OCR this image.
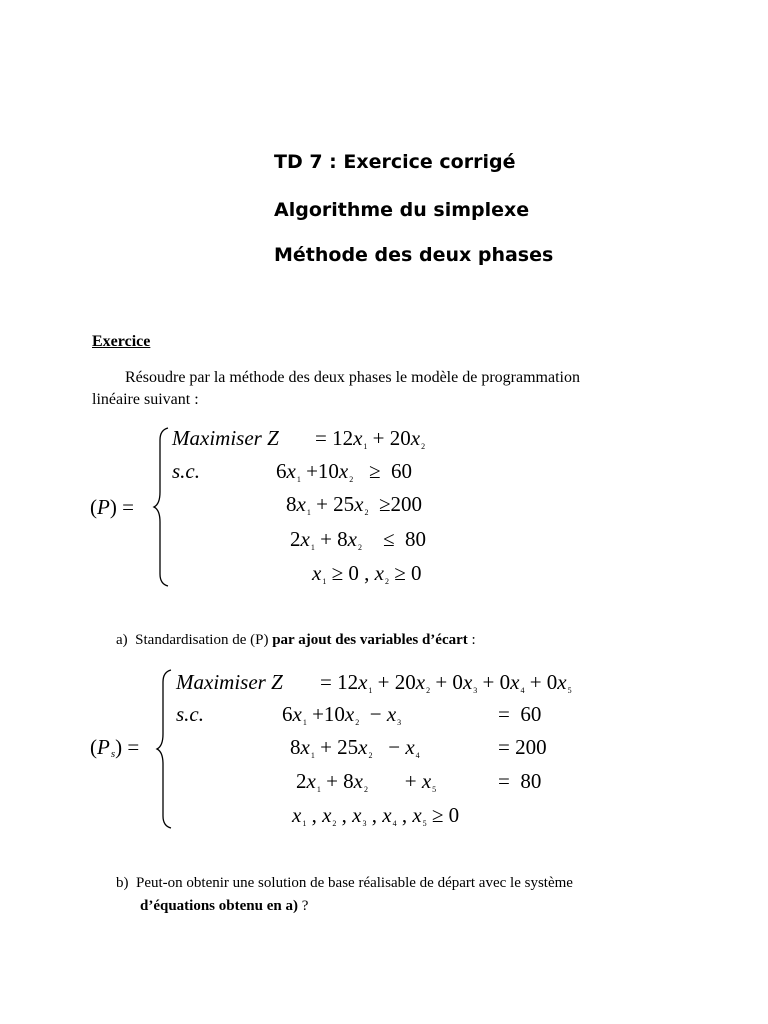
TD 7 : Exercice corrigé
Algorithme du simplexe
Méthode des deux phases
Exercice
Résoudre par la méthode des deux phases le modèle de programmation
linéaire suivant :
(P) =
Maximiser $Z = 12x_1 + 20x_2$
s.c.	$6x_1 +10x_2 \ge 60$
$8x_1 + 25x_2 \ge 200$
$2x_1 + 8x_2$    ≤  80
$x_1 \ge 0$ , $x_2 \ge 0$
a) Standardisation de (P) par ajout des variables d’écart :
$(P_s)$ =
Maximiser $Z = 12x_1 + 20x_2 + 0x_3 + 0x_4 + 0x_5$
s.c.	$6x_1 +10x_2 - x_3$	=  60
$8x_1 + 25x_2 - x_4$	= 200
$2x_1 + 8x_2$       + $x_5$	=  80
$x_1$ , $x_2$ , $x_3$ , $x_4$ , $x_5 \ge 0$
b) Peut-on obtenir une solution de base réalisable de départ avec le système
d’équations obtenu en a) ?
